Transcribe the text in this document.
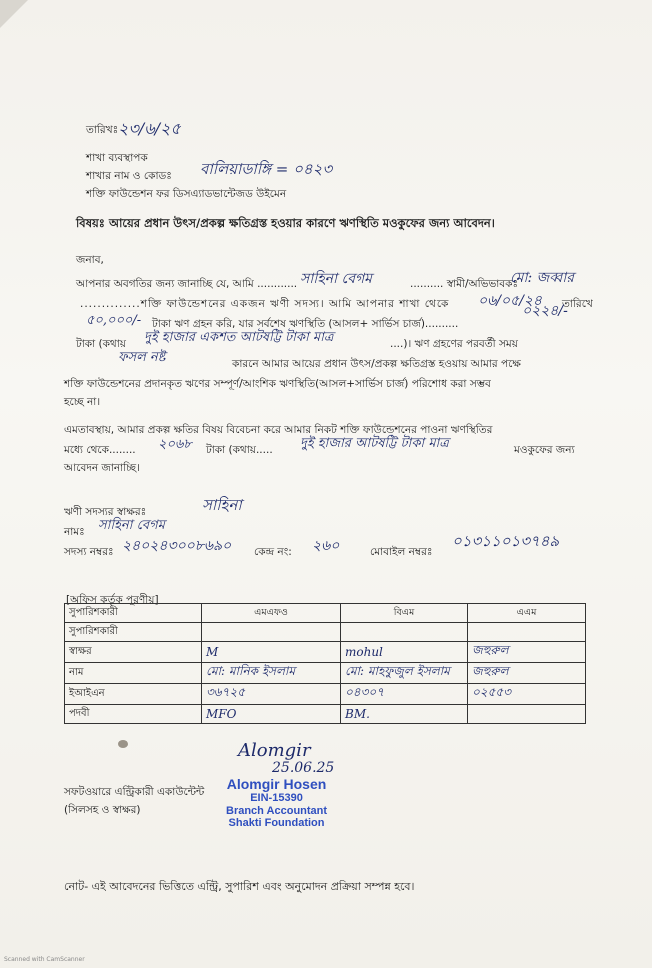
তারিখঃ ২৩/৬/২৫
শাখা ব্যবস্থাপক
শাখার নাম ও কোডঃ বালিয়াডাঙ্গি = ০৪২৩
শক্তি ফাউন্ডেশন ফর ডিসএ্যাডভান্টেজড উইমেন
বিষয়ঃ আয়ের প্রধান উৎস/প্রকল্প ক্ষতিগ্রস্ত হওয়ার কারণে ঋণস্থিতি মওকুফের জন্য আবেদন।
জনাব,
আপনার অবগতির জন্য জানাচ্ছি যে, আমি ............ সাহিনা বেগম	.......... স্বামী/অভিভাবকঃ
মো: জব্বার
..............শক্তি ফাউন্ডেশনের একজন ঋণী সদস্য। আমি আপনার শাখা থেকে ০৬/০৫/২৪ তারিখে
৫০,০০০/- টাকা ঋণ গ্রহন করি, যার সর্বশেষ ঋণস্থিতি (আসল+ সার্ভিস চার্জ)..........
০২২৪/-
টাকা (কথায় দুই হাজার একশত আটষট্টি টাকা মাত্র	....)। ঋণ গ্রহণের পরবর্তী সময়
ফসল নষ্ট	কারনে আমার আয়ের প্রধান উৎস/প্রকল্প ক্ষতিগ্রস্ত হওয়ায় আমার পক্ষে
শক্তি ফাউন্ডেশনের প্রদানকৃত ঋণের সম্পূর্ণ/আংশিক ঋণস্থিতি(আসল+সার্ভিস চার্জ) পরিশোধ করা সম্ভব
হচ্ছে না।
এমতাবস্থায়, আমার প্রকল্প ক্ষতির বিষয় বিবেচনা করে আমার নিকট শক্তি ফাউন্ডেশনের পাওনা ঋণস্থিতির
মধ্যে থেকে........ ২০৬৮ টাকা (কথায়..... দুই হাজার আটষট্টি টাকা মাত্র	মওকুফের জন্য
আবেদন জানাচ্ছি।
ঋণী সদস্যর স্বাক্ষরঃ	সাহিনা
নামঃ সাহিনা বেগম
সদস্য নম্বরঃ ২৪০২৪৩০০৮৬৯০ কেন্দ্র নং: ২৬০	মোবাইল নম্বরঃ
০১৩১১০১৩৭৪৯
[অফিস কর্তৃক পূরণীয়]
সুপারিশকারী	এমএফও	বিএম	এএম
সুপারিশকারী			
স্বাক্ষর	M	mohul	জহুরুল
নাম	মো: মানিক ইসলাম	মো: মাহফুজুল ইসলাম	জহুরুল
ইআইএন	৩৬৭২৫	০৪৩০৭	০২৫৫৩
পদবী	MFO	BM.	
সফটওয়ারে এন্ট্রিকারী একাউন্টেন্ট
(সিলসহ ও স্বাক্ষর)
Alomgir
25.06.25
Alomgir Hosen
EIN-15390
Branch Accountant
Shakti Foundation
নোট- এই আবেদনের ভিত্তিতে এন্ট্রি, সুপারিশ এবং অনুমোদন প্রক্রিয়া সম্পন্ন হবে।
Scanned with CamScanner
